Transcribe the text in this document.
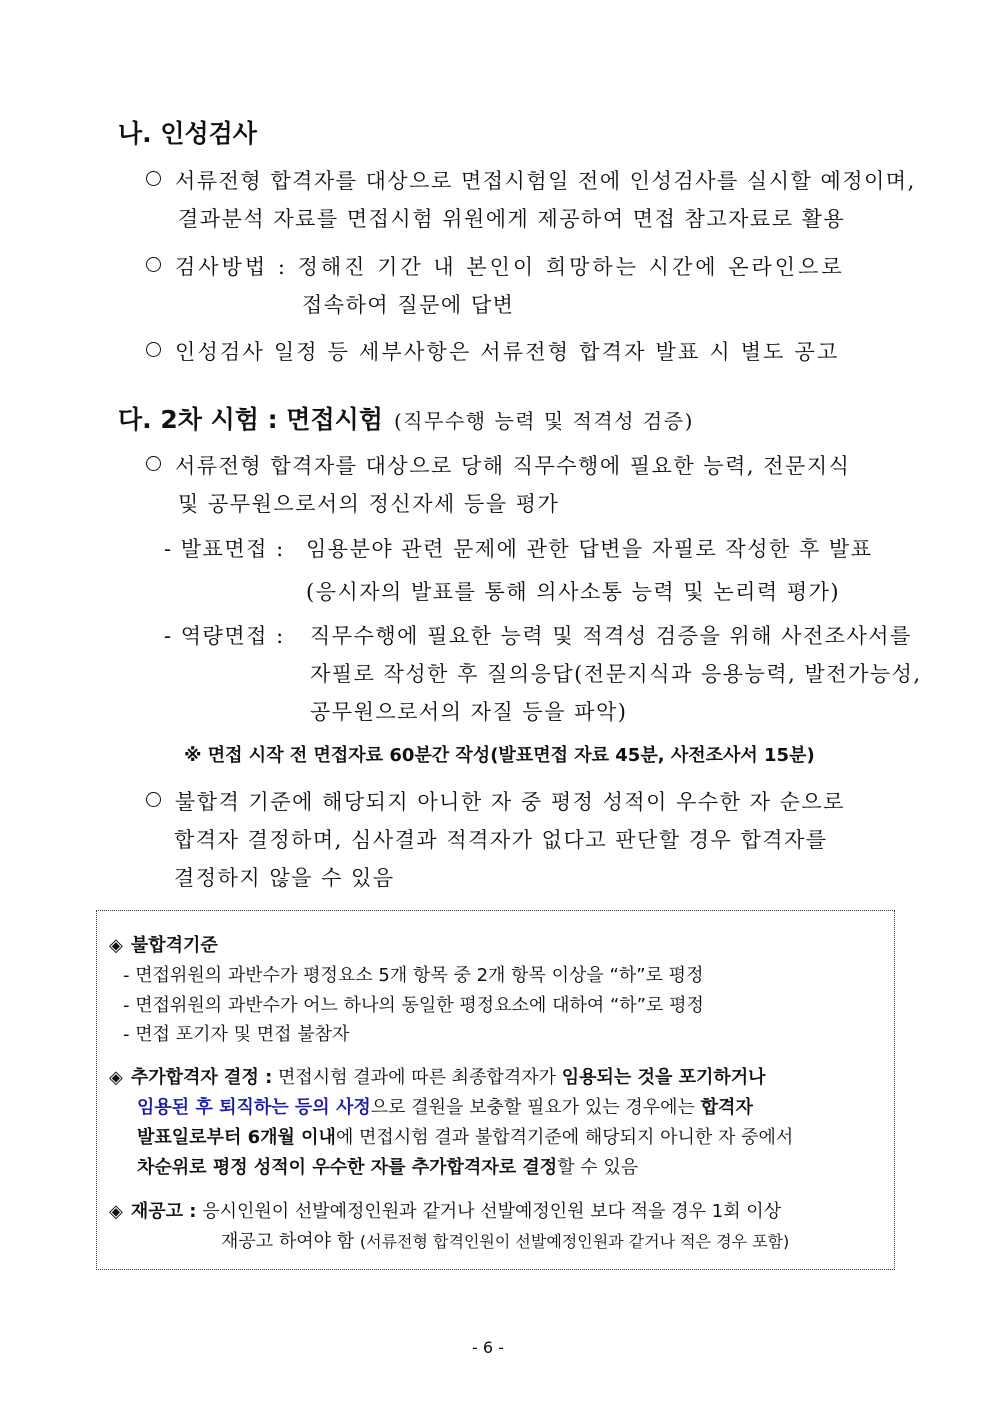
나. 인성검사
서류전형 합격자를 대상으로 면접시험일 전에 인성검사를 실시할 예정이며,
결과분석 자료를 면접시험 위원에게 제공하여 면접 참고자료로 활용
검사방법 : 정해진 기간 내 본인이 희망하는 시간에 온라인으로
접속하여 질문에 답변
인성검사 일정 등 세부사항은 서류전형 합격자 발표 시 별도 공고
다. 2차 시험 : 면접시험 (직무수행 능력 및 적격성 검증)
서류전형 합격자를 대상으로 당해 직무수행에 필요한 능력, 전문지식
및 공무원으로서의 정신자세 등을 평가
- 발표면접 : 임용분야 관련 문제에 관한 답변을 자필로 작성한 후 발표
(응시자의 발표를 통해 의사소통 능력 및 논리력 평가)
- 역량면접 : 직무수행에 필요한 능력 및 적격성 검증을 위해 사전조사서를
자필로 작성한 후 질의응답(전문지식과 응용능력, 발전가능성,
공무원으로서의 자질 등을 파악)
※ 면접 시작 전 면접자료 60분간 작성(발표면접 자료 45분, 사전조사서 15분)
불합격 기준에 해당되지 아니한 자 중 평정 성적이 우수한 자 순으로
합격자 결정하며, 심사결과 적격자가 없다고 판단할 경우 합격자를
결정하지 않을 수 있음
◈ 불합격기준
- 면접위원의 과반수가 평정요소 5개 항목 중 2개 항목 이상을 “하”로 평정
- 면접위원의 과반수가 어느 하나의 동일한 평정요소에 대하여 “하”로 평정
- 면접 포기자 및 면접 불참자
◈ 추가합격자 결정 : 면접시험 결과에 따른 최종합격자가 임용되는 것을 포기하거나
임용된 후 퇴직하는 등의 사정으로 결원을 보충할 필요가 있는 경우에는 합격자
발표일로부터 6개월 이내에 면접시험 결과 불합격기준에 해당되지 아니한 자 중에서
차순위로 평정 성적이 우수한 자를 추가합격자로 결정할 수 있음
◈ 재공고 : 응시인원이 선발예정인원과 같거나 선발예정인원 보다 적을 경우 1회 이상
재공고 하여야 함 (서류전형 합격인원이 선발예정인원과 같거나 적은 경우 포함)
- 6 -
